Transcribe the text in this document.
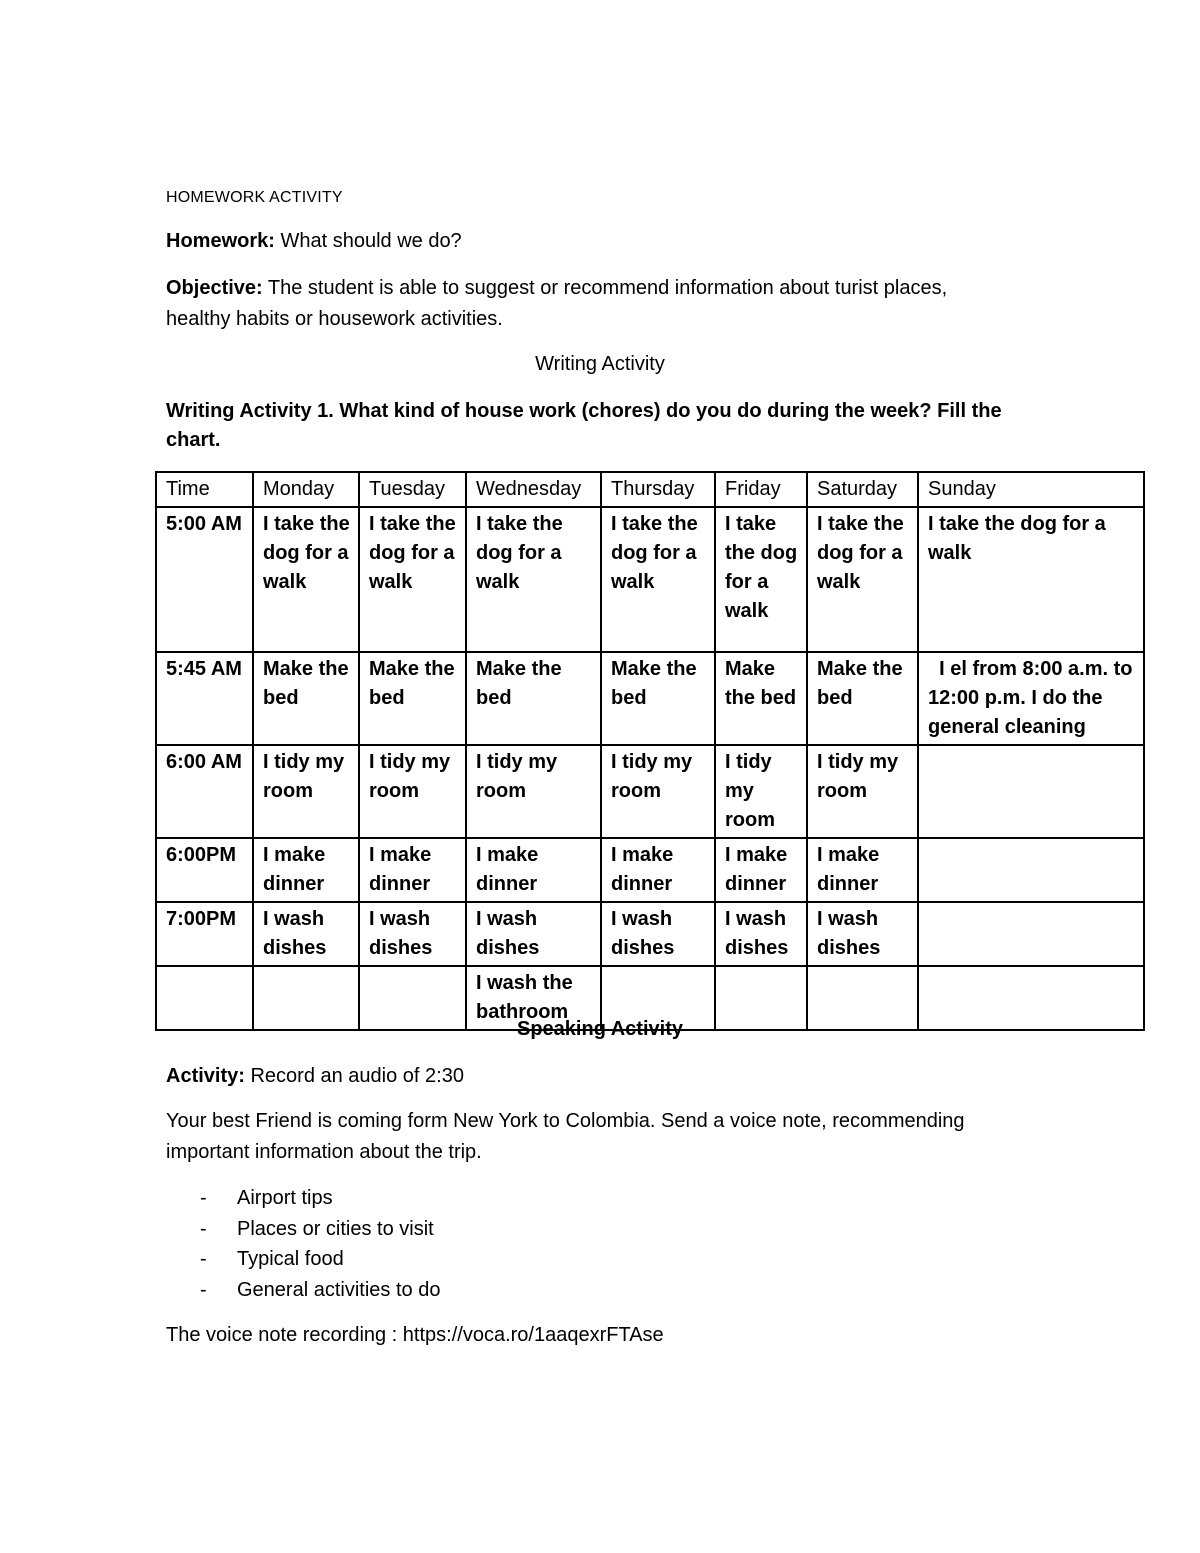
HOMEWORK ACTIVITY
Homework: What should we do?
Objective: The student is able to suggest or recommend information about turist places,
healthy habits or housework activities.
Writing Activity
Writing Activity 1. What kind of house work (chores) do you do during the week? Fill the
chart.
Time	Monday	Tuesday	Wednesday	Thursday	Friday	Saturday	Sunday
5:00 AM	I take the dog for a walk	I take the dog for a walk	I take the dog for a walk	I take the dog for a walk	I take the dog for a walk	I take the dog for a walk	I take the dog for a walk
5:45 AM	Make the bed	Make the bed	Make the bed	Make the bed	Make the bed	Make the bed	I el from 8:00 a.m. to 12:00 p.m. I do the general cleaning
6:00 AM	I tidy my room	I tidy my room	I tidy my room	I tidy my room	I tidy my room	I tidy my room	
6:00PM	I make dinner	I make dinner	I make dinner	I make dinner	I make dinner	I make dinner	
7:00PM	I wash dishes	I wash dishes	I wash dishes	I wash dishes	I wash dishes	I wash dishes	
			I wash the bathroom				
Speaking Activity
Activity: Record an audio of 2:30
Your best Friend is coming form New York to Colombia. Send a voice note, recommending
important information about the trip.
- Airport tips
- Places or cities to visit
- Typical food
- General activities to do
The voice note recording : https://voca.ro/1aaqexrFTAse
